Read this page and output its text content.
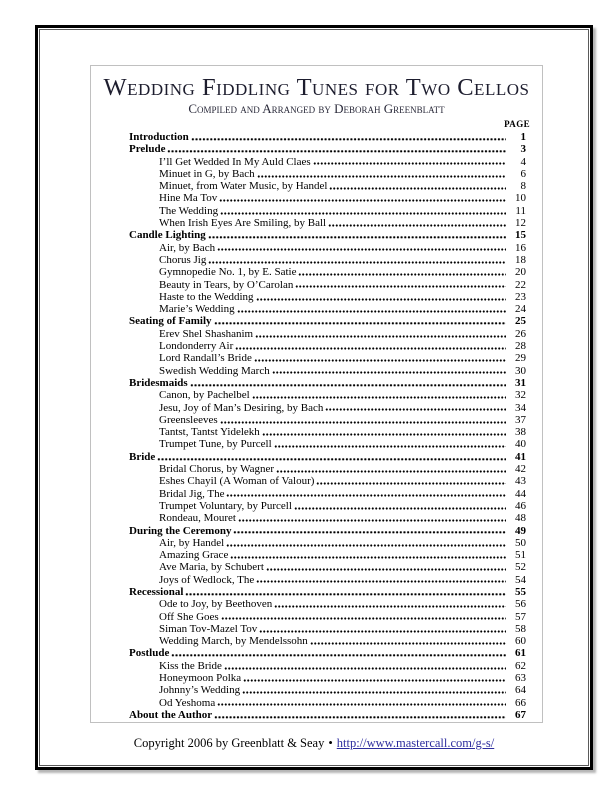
Wedding Fiddling Tunes for Two Cellos
Compiled and Arranged by Deborah Greenblatt
PAGE
Introduction	1
Prelude	3
I’ll Get Wedded In My Auld Claes	4
Minuet in G, by Bach	6
Minuet, from Water Music, by Handel	8
Hine Ma Tov	10
The Wedding	11
When Irish Eyes Are Smiling, by Ball	12
Candle Lighting	15
Air, by Bach	16
Chorus Jig	18
Gymnopedie No. 1, by E. Satie	20
Beauty in Tears, by O’Carolan	22
Haste to the Wedding	23
Marie’s Wedding	24
Seating of Family	25
Erev Shel Shashanim	26
Londonderry Air	28
Lord Randall’s Bride	29
Swedish Wedding March	30
Bridesmaids	31
Canon, by Pachelbel	32
Jesu, Joy of Man’s Desiring, by Bach	34
Greensleeves	37
Tantst, Tantst Yidelekh	38
Trumpet Tune, by Purcell	40
Bride	41
Bridal Chorus, by Wagner	42
Eshes Chayil (A Woman of Valour)	43
Bridal Jig, The	44
Trumpet Voluntary, by Purcell	46
Rondeau, Mouret	48
During the Ceremony	49
Air, by Handel	50
Amazing Grace	51
Ave Maria, by Schubert	52
Joys of Wedlock, The	54
Recessional	55
Ode to Joy, by Beethoven	56
Off She Goes	57
Siman Tov-Mazel Tov	58
Wedding March, by Mendelssohn	60
Postlude	61
Kiss the Bride	62
Honeymoon Polka	63
Johnny’s Wedding	64
Od Yeshoma	66
About the Author	67
Copyright 2006 by Greenblatt & Seay • http://www.mastercall.com/g-s/
